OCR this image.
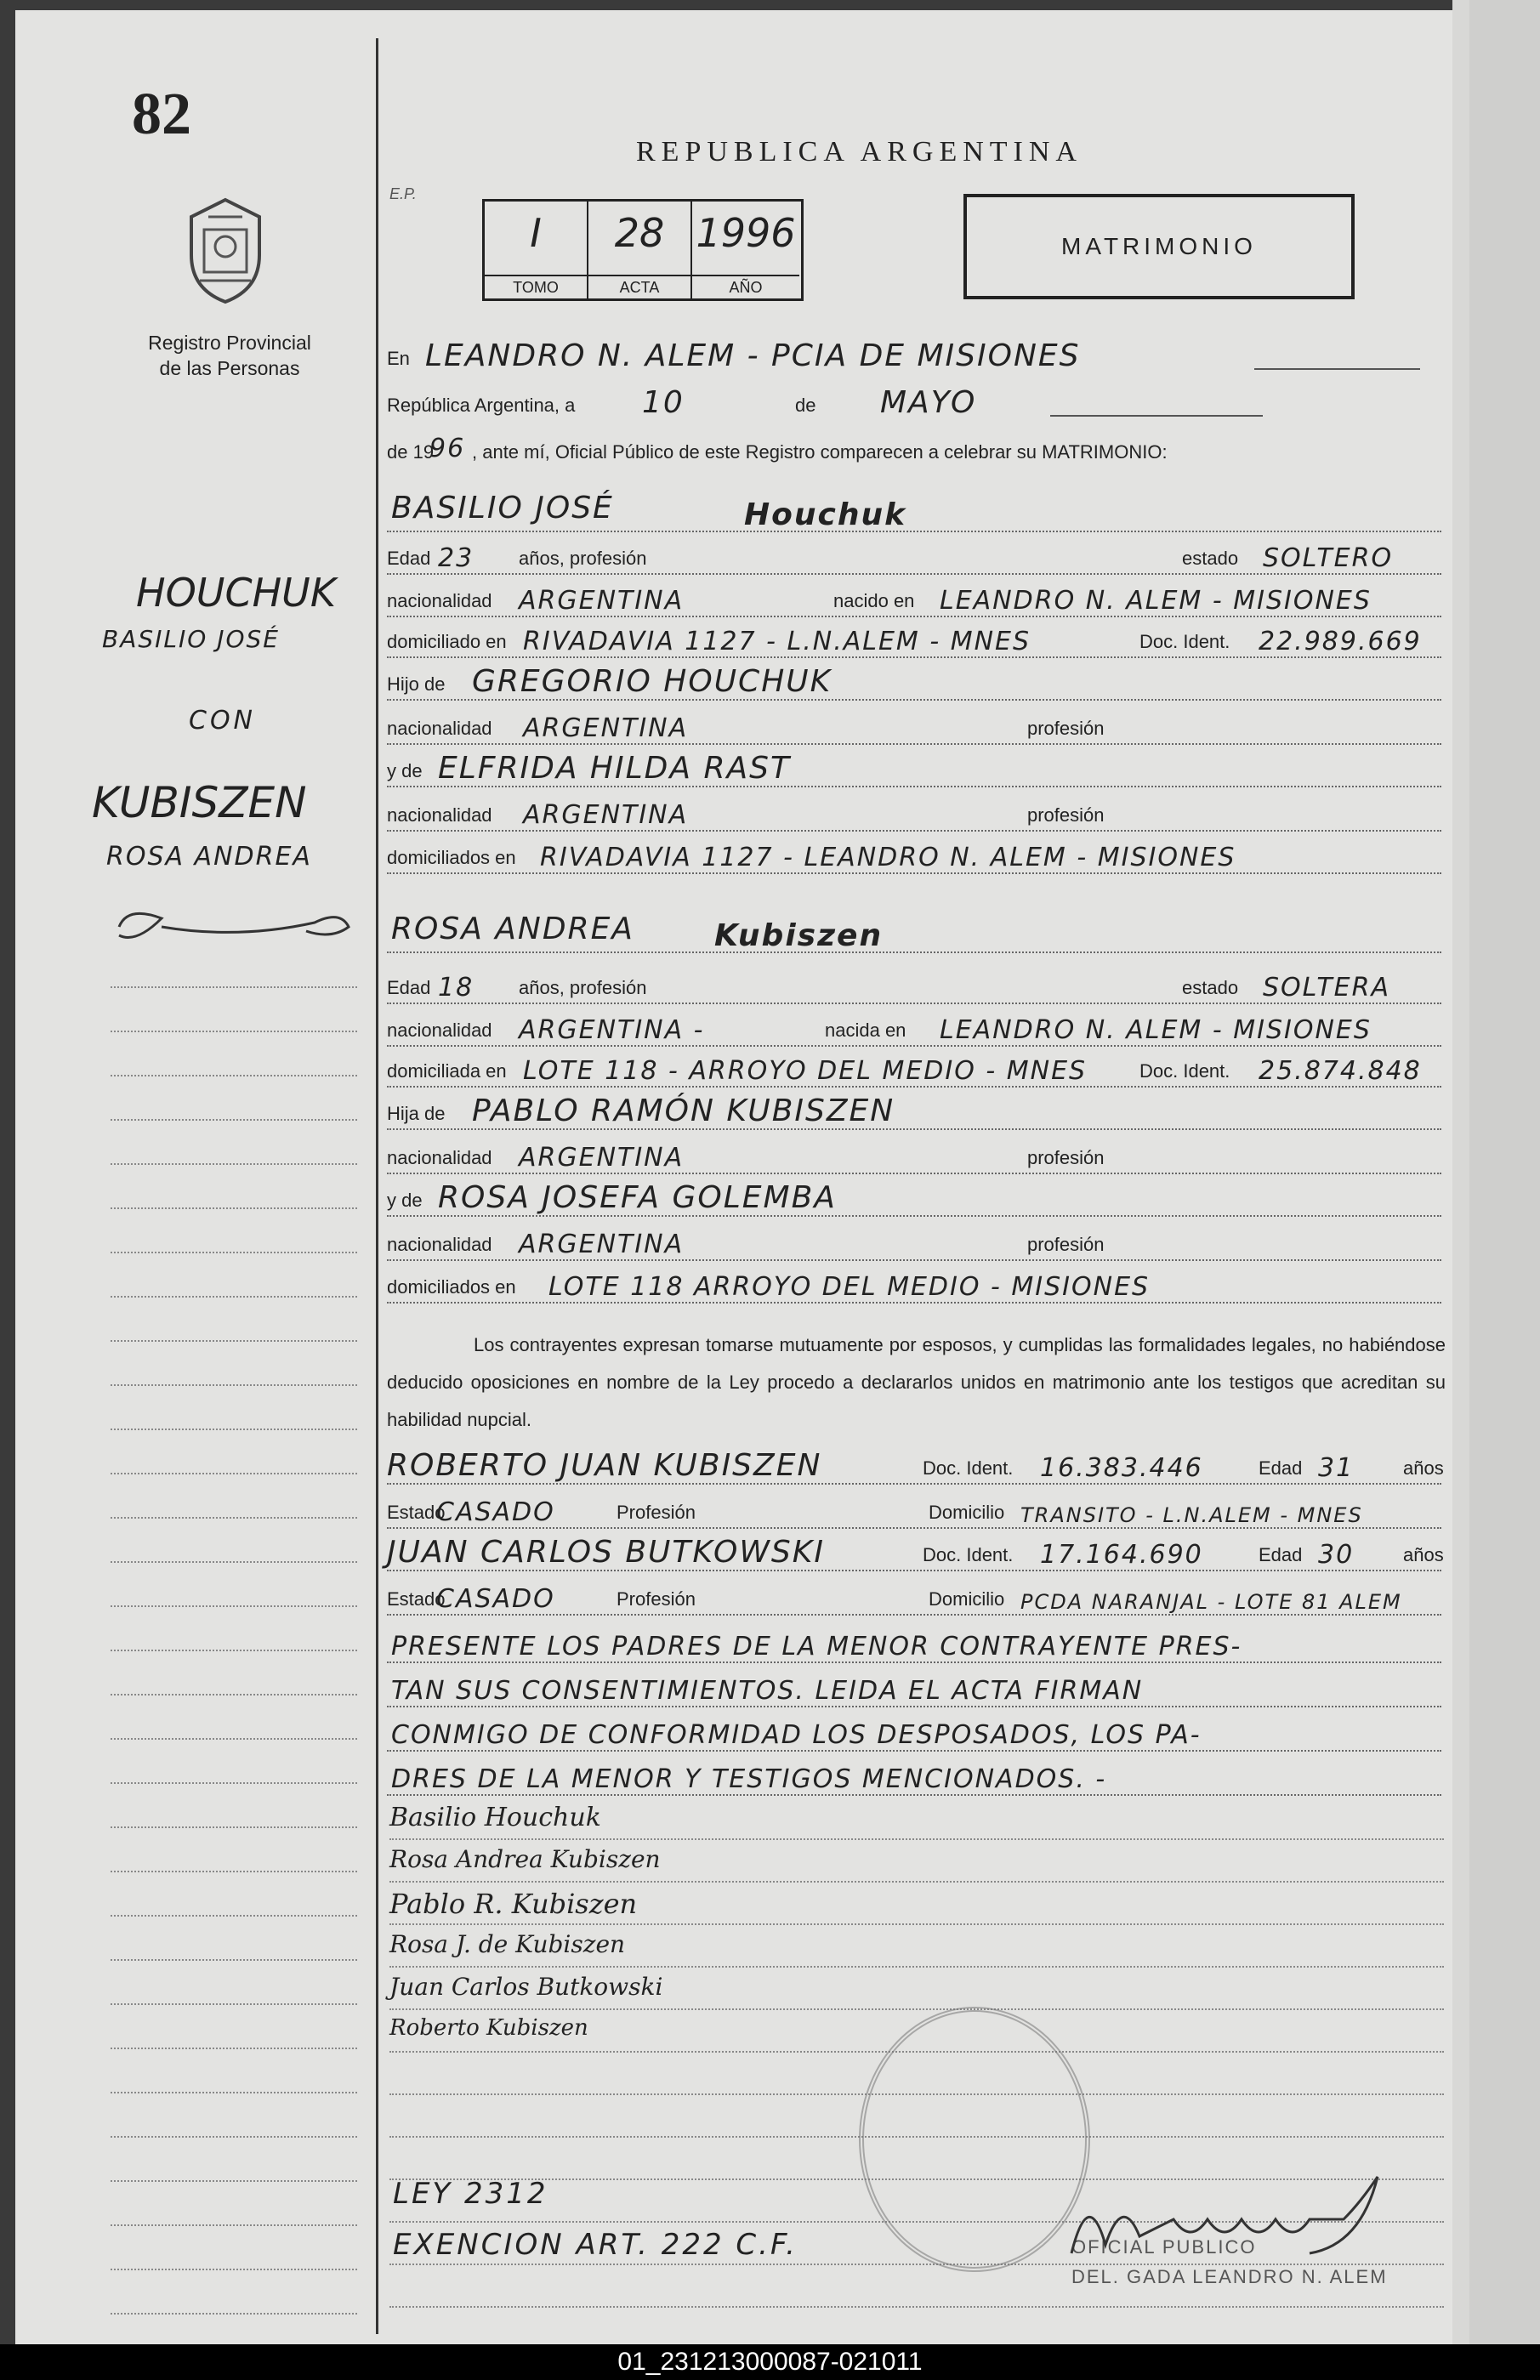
82
Registro Provincial
de las Personas
REPUBLICA ARGENTINA
E.P.
I
TOMO
28
ACTA
1996
AÑO
MATRIMONIO
En LEANDRO N. ALEM - PCIA DE MISIONES
República Argentina, a 10	de MAYO
de 19
96 , ante mí, Oficial Público de este Registro comparecen a celebrar su MATRIMONIO:
BASILIO JOSÉ	Houchuk
Edad 23 años, profesión	estado SOLTERO
nacionalidad ARGENTINA	nacido en LEANDRO N. ALEM - MISIONES
domiciliado en RIVADAVIA 1127 - L.N.ALEM - MNES	Doc. Ident. 22.989.669
Hijo de GREGORIO HOUCHUK
nacionalidad ARGENTINA	profesión
y de ELFRIDA HILDA RAST
nacionalidad ARGENTINA	profesión
domiciliados en RIVADAVIA 1127 - LEANDRO N. ALEM - MISIONES
ROSA ANDREA	Kubiszen
Edad 18 años, profesión	estado SOLTERA
nacionalidad ARGENTINA -	nacida en LEANDRO N. ALEM - MISIONES
domiciliada en LOTE 118 - ARROYO DEL MEDIO - MNES	Doc. Ident. 25.874.848
Hija de PABLO RAMÓN KUBISZEN
nacionalidad ARGENTINA	profesión
y de ROSA JOSEFA GOLEMBA
nacionalidad ARGENTINA	profesión
domiciliados en LOTE 118 ARROYO DEL MEDIO - MISIONES
Los contrayentes expresan tomarse mutuamente por esposos, y cumplidas las formalidades legales, no habiéndose deducido oposiciones en nombre de la Ley procedo a declararlos unidos en matrimonio ante los testigos que acreditan su habilidad nupcial.
ROBERTO JUAN KUBISZEN	Doc. Ident. 16.383.446	Edad 31	años
Estado
CASADO	Profesión	Domicilio TRANSITO - L.N.ALEM - MNES
JUAN CARLOS BUTKOWSKI	Doc. Ident. 17.164.690	Edad 30	años
Estado
CASADO	Profesión	Domicilio PCDA NARANJAL - LOTE 81 ALEM
PRESENTE LOS PADRES DE LA MENOR CONTRAYENTE PRES-
TAN SUS CONSENTIMIENTOS. LEIDA EL ACTA FIRMAN
CONMIGO DE CONFORMIDAD LOS DESPOSADOS, LOS PA-
DRES DE LA MENOR Y TESTIGOS MENCIONADOS. -
Basilio Houchuk
Rosa Andrea Kubiszen
Pablo R. Kubiszen
Rosa J. de Kubiszen
Juan Carlos Butkowski
Roberto Kubiszen
OFICIAL PUBLICO
DEL. GADA LEANDRO N. ALEM
LEY 2312
EXENCION ART. 222 C.F.
HOUCHUK
BASILIO JOSÉ
CON
KUBISZEN
ROSA ANDREA
01_231213000087-021011
